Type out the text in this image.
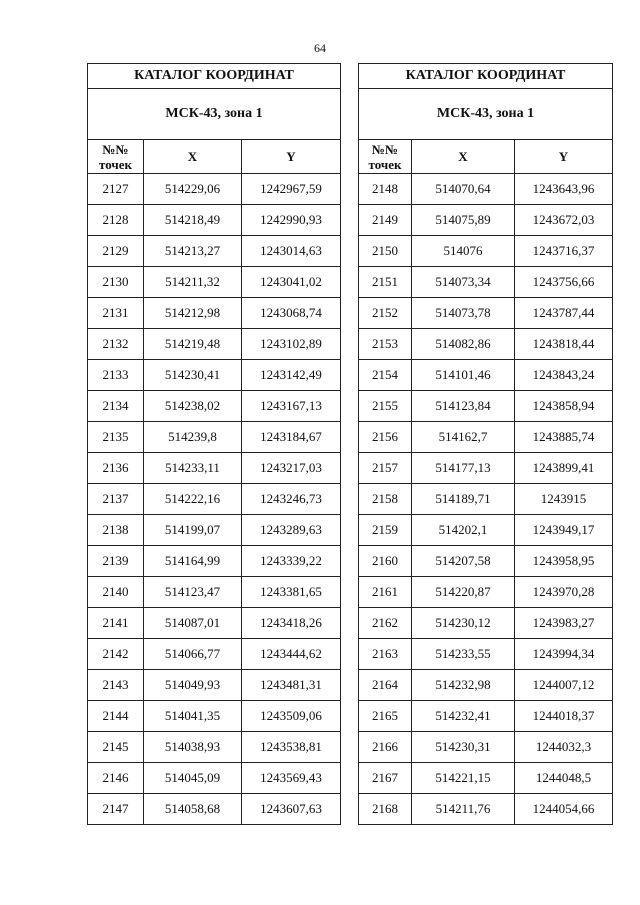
64
КАТАЛОГ КООРДИНАТ		
МСК-43, зона 1		
№№ точек	X	Y
2127	514229,06	1242967,59
2128	514218,49	1242990,93
2129	514213,27	1243014,63
2130	514211,32	1243041,02
2131	514212,98	1243068,74
2132	514219,48	1243102,89
2133	514230,41	1243142,49
2134	514238,02	1243167,13
2135	514239,8	1243184,67
2136	514233,11	1243217,03
2137	514222,16	1243246,73
2138	514199,07	1243289,63
2139	514164,99	1243339,22
2140	514123,47	1243381,65
2141	514087,01	1243418,26
2142	514066,77	1243444,62
2143	514049,93	1243481,31
2144	514041,35	1243509,06
2145	514038,93	1243538,81
2146	514045,09	1243569,43
2147	514058,68	1243607,63
КАТАЛОГ КООРДИНАТ		
МСК-43, зона 1		
№№ точек	X	Y
2148	514070,64	1243643,96
2149	514075,89	1243672,03
2150	514076	1243716,37
2151	514073,34	1243756,66
2152	514073,78	1243787,44
2153	514082,86	1243818,44
2154	514101,46	1243843,24
2155	514123,84	1243858,94
2156	514162,7	1243885,74
2157	514177,13	1243899,41
2158	514189,71	1243915
2159	514202,1	1243949,17
2160	514207,58	1243958,95
2161	514220,87	1243970,28
2162	514230,12	1243983,27
2163	514233,55	1243994,34
2164	514232,98	1244007,12
2165	514232,41	1244018,37
2166	514230,31	1244032,3
2167	514221,15	1244048,5
2168	514211,76	1244054,66
